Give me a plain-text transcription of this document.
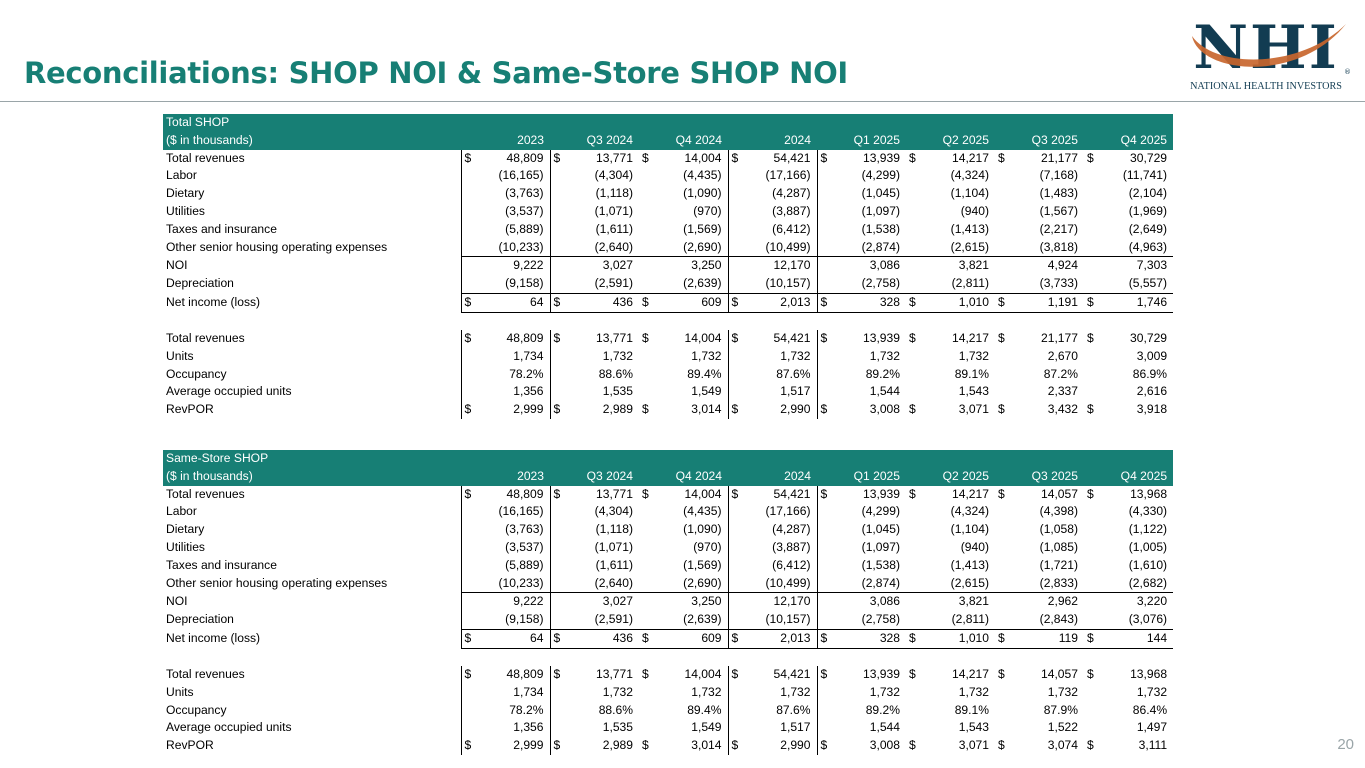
Reconciliations: SHOP NOI & Same-Store SHOP NOI	NHI ®
NATIONAL HEALTH INVESTORS
Total SHOP								
($ in thousands)	2023	Q3 2024	Q4 2024	2024	Q1 2025	Q2 2025	Q3 2025	Q4 2025
Total revenues	$ 48,809	$ 13,771	$ 14,004	$ 54,421	$ 13,939	$ 14,217	$ 21,177	$ 30,729
Labor	(16,165)	(4,304)	(4,435)	(17,166)	(4,299)	(4,324)	(7,168)	(11,741)
Dietary	(3,763)	(1,118)	(1,090)	(4,287)	(1,045)	(1,104)	(1,483)	(2,104)
Utilities	(3,537)	(1,071)	(970)	(3,887)	(1,097)	(940)	(1,567)	(1,969)
Taxes and insurance	(5,889)	(1,611)	(1,569)	(6,412)	(1,538)	(1,413)	(2,217)	(2,649)
Other senior housing operating expenses	(10,233)	(2,640)	(2,690)	(10,499)	(2,874)	(2,615)	(3,818)	(4,963)
NOI	9,222	3,027	3,250	12,170	3,086	3,821	4,924	7,303
Depreciation	(9,158)	(2,591)	(2,639)	(10,157)	(2,758)	(2,811)	(3,733)	(5,557)
Net income (loss)	$ 64	$ 436	$ 609	$ 2,013	$ 328	$ 1,010	$ 1,191	$ 1,746

Total revenues	$ 48,809	$ 13,771	$ 14,004	$ 54,421	$ 13,939	$ 14,217	$ 21,177	$ 30,729
Units	1,734	1,732	1,732	1,732	1,732	1,732	2,670	3,009
Occupancy	78.2%	88.6%	89.4%	87.6%	89.2%	89.1%	87.2%	86.9%
Average occupied units	1,356	1,535	1,549	1,517	1,544	1,543	2,337	2,616
RevPOR	$ 2,999	$ 2,989	$ 3,014	$ 2,990	$ 3,008	$ 3,071	$ 3,432	$ 3,918
Same-Store SHOP								
($ in thousands)	2023	Q3 2024	Q4 2024	2024	Q1 2025	Q2 2025	Q3 2025	Q4 2025
Total revenues	$ 48,809	$ 13,771	$ 14,004	$ 54,421	$ 13,939	$ 14,217	$ 14,057	$ 13,968
Labor	(16,165)	(4,304)	(4,435)	(17,166)	(4,299)	(4,324)	(4,398)	(4,330)
Dietary	(3,763)	(1,118)	(1,090)	(4,287)	(1,045)	(1,104)	(1,058)	(1,122)
Utilities	(3,537)	(1,071)	(970)	(3,887)	(1,097)	(940)	(1,085)	(1,005)
Taxes and insurance	(5,889)	(1,611)	(1,569)	(6,412)	(1,538)	(1,413)	(1,721)	(1,610)
Other senior housing operating expenses	(10,233)	(2,640)	(2,690)	(10,499)	(2,874)	(2,615)	(2,833)	(2,682)
NOI	9,222	3,027	3,250	12,170	3,086	3,821	2,962	3,220
Depreciation	(9,158)	(2,591)	(2,639)	(10,157)	(2,758)	(2,811)	(2,843)	(3,076)
Net income (loss)	$ 64	$ 436	$ 609	$ 2,013	$ 328	$ 1,010	$ 119	$ 144

Total revenues	$ 48,809	$ 13,771	$ 14,004	$ 54,421	$ 13,939	$ 14,217	$ 14,057	$ 13,968
Units	1,734	1,732	1,732	1,732	1,732	1,732	1,732	1,732
Occupancy	78.2%	88.6%	89.4%	87.6%	89.2%	89.1%	87.9%	86.4%
Average occupied units	1,356	1,535	1,549	1,517	1,544	1,543	1,522	1,497
RevPOR	$ 2,999	$ 2,989	$ 3,014	$ 2,990	$ 3,008	$ 3,071	$ 3,074	$ 3,111	20
